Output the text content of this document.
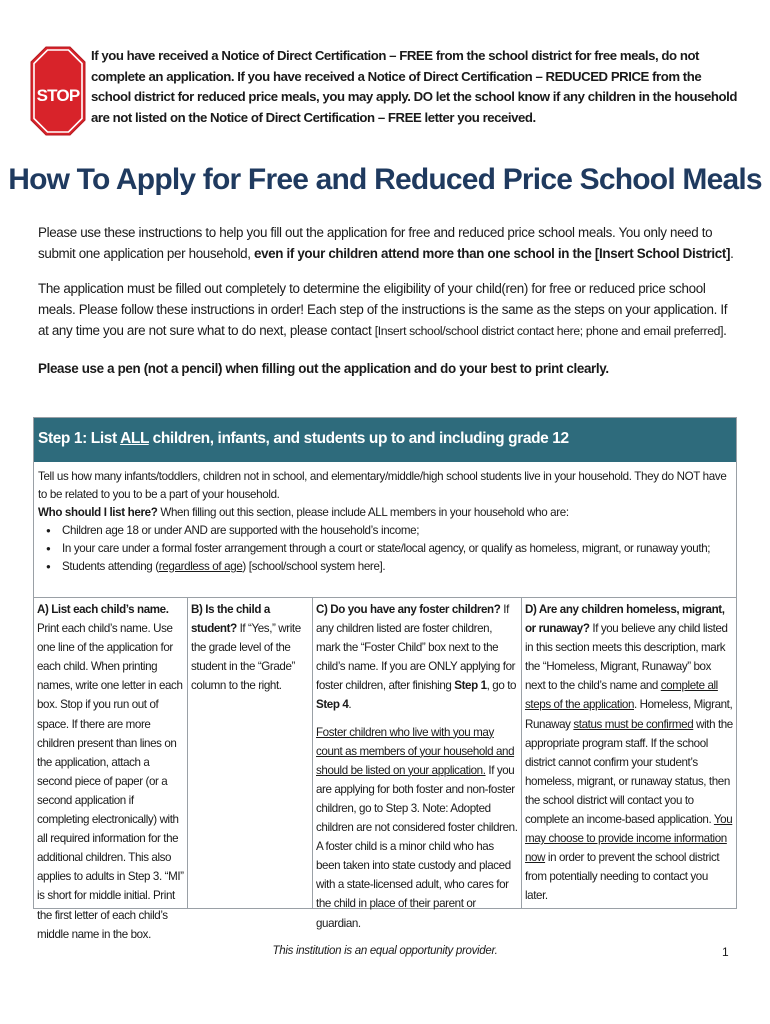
STOP
If you have received a Notice of Direct Certification – FREE from the school district for free meals, do not complete an application. If you have received a Notice of Direct Certification – REDUCED PRICE from the school district for reduced price meals, you may apply. DO let the school know if any children in the household are not listed on the Notice of Direct Certification – FREE letter you received.
How To Apply for Free and Reduced Price School Meals

Please use these instructions to help you fill out the application for free and reduced price school meals. You only need to submit one application per household, even if your children attend more than one school in the [Insert School District].

The application must be filled out completely to determine the eligibility of your child(ren) for free or reduced price school meals. Please follow these instructions in order! Each step of the instructions is the same as the steps on your application. If at any time you are not sure what to do next, please contact [Insert school/school district contact here; phone and email preferred].

Please use a pen (not a pencil) when filling out the application and do your best to print clearly.

Step 1: List ALL children, infants, and students up to and including grade 12

Tell us how many infants/toddlers, children not in school, and elementary/middle/high school students live in your household. They do NOT have to be related to you to be a part of your household.

Who should I list here? When filling out this section, please include ALL members in your household who are:

● Children age 18 or under AND are supported with the household’s income;
● In your care under a formal foster arrangement through a court or state/local agency, or qualify as homeless, migrant, or runaway youth;
● Students attending (regardless of age) [school/school system here].

A) List each child’s name. Print each child’s name. Use one line of the application for each child. When printing names, write one letter in each box. Stop if you run out of space. If there are more children present than lines on the application, attach a second piece of paper (or a second application if completing electronically) with all required information for the additional children. This also applies to adults in Step 3. “MI” is short for middle initial. Print the first letter of each child’s middle name in the box.

B) Is the child a student? If “Yes,” write the grade level of the student in the “Grade” column to the right.

C) Do you have any foster children? If any children listed are foster children, mark the “Foster Child” box next to the child’s name. If you are ONLY applying for foster children, after finishing Step 1, go to Step 4.

Foster children who live with you may count as members of your household and should be listed on your application. If you are applying for both foster and non-foster children, go to Step 3. Note: Adopted children are not considered foster children. A foster child is a minor child who has been taken into state custody and placed with a state-licensed adult, who cares for the child in place of their parent or guardian.

D) Are any children homeless, migrant, or runaway? If you believe any child listed in this section meets this description, mark the “Homeless, Migrant, Runaway” box next to the child’s name and complete all steps of the application. Homeless, Migrant, Runaway status must be confirmed with the appropriate program staff. If the school district cannot confirm your student’s homeless, migrant, or runaway status, then the school district will contact you to complete an income-based application. You may choose to provide income information now in order to prevent the school district from potentially needing to contact you later.

This institution is an equal opportunity provider.	1
